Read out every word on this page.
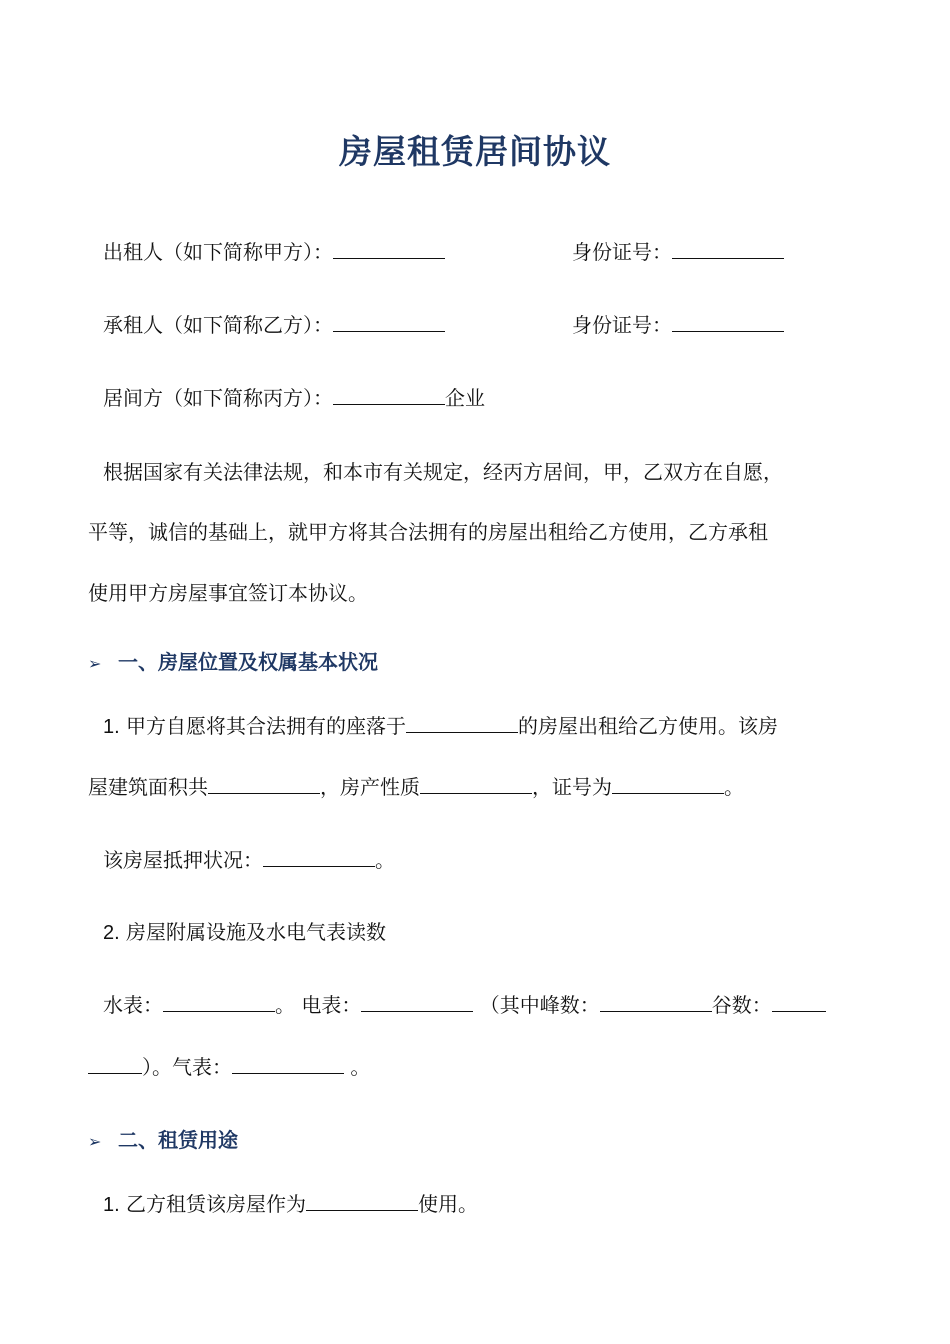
房屋租赁居间协议
出租人（如下简称甲方）：	身份证号：
承租人（如下简称乙方）：	身份证号：
居间方（如下简称丙方）：	企业
根据国家有关法律法规，和本市有关规定，经丙方居间，甲，乙双方在自愿，
平等，诚信的基础上，就甲方将其合法拥有的房屋出租给乙方使用，乙方承租
使用甲方房屋事宜签订本协议。
➢ 一、房屋位置及权属基本状况
1. 甲方自愿将其合法拥有的座落于	的房屋出租给乙方使用。该房
屋建筑面积共	，房产性质	，证号为	。
该房屋抵押状况：	。
2. 房屋附属设施及水电气表读数
水表：	。 电表：	（其中峰数：	谷数：
）。气表：	。
➢ 二、租赁用途
1. 乙方租赁该房屋作为	使用。
